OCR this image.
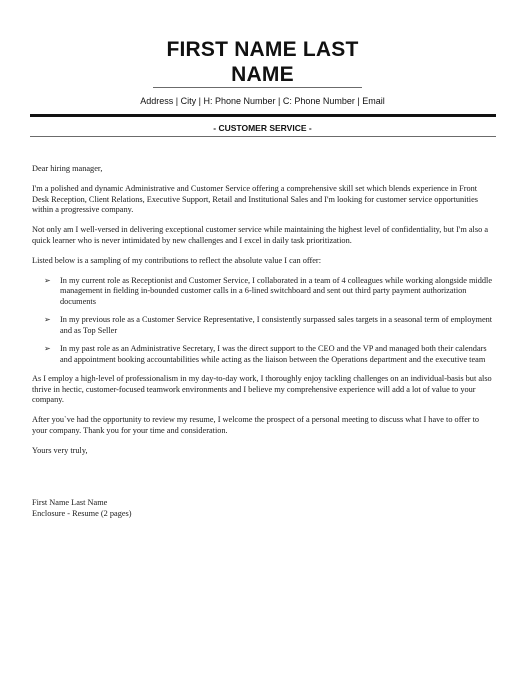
FIRST NAME LAST
NAME
Address | City | H: Phone Number | C: Phone Number | Email
- CUSTOMER SERVICE -

Dear hiring manager,

I'm a polished and dynamic Administrative and Customer Service offering a comprehensive skill set which blends experience in Front Desk Reception, Client Relations, Executive Support, Retail and Institutional Sales and I'm looking for customer service opportunities within a progressive company.

Not only am I well-versed in delivering exceptional customer service while maintaining the highest level of confidentiality, but I'm also a quick learner who is never intimidated by new challenges and I excel in daily task prioritization.

Listed below is a sampling of my contributions to reflect the absolute value I can offer:

➢ In my current role as Receptionist and Customer Service, I collaborated in a team of 4 colleagues while working alongside middle management in fielding in-bounded customer calls in a 6-lined switchboard and sent out third party payment authorization documents
➢ In my previous role as a Customer Service Representative, I consistently surpassed sales targets in a seasonal term of employment and as Top Seller
➢ In my past role as an Administrative Secretary, I was the direct support to the CEO and the VP and managed both their calendars and appointment booking accountabilities while acting as the liaison between the Operations department and the executive team

As I employ a high-level of professionalism in my day-to-day work, I thoroughly enjoy tackling challenges on an individual-basis but also thrive in hectic, customer-focused teamwork environments and I believe my comprehensive experience will add a lot of value to your company.

After you`ve had the opportunity to review my resume, I welcome the prospect of a personal meeting to discuss what I have to offer to your company. Thank you for your time and consideration.

Yours very truly,

First Name Last Name

Enclosure - Resume (2 pages)
